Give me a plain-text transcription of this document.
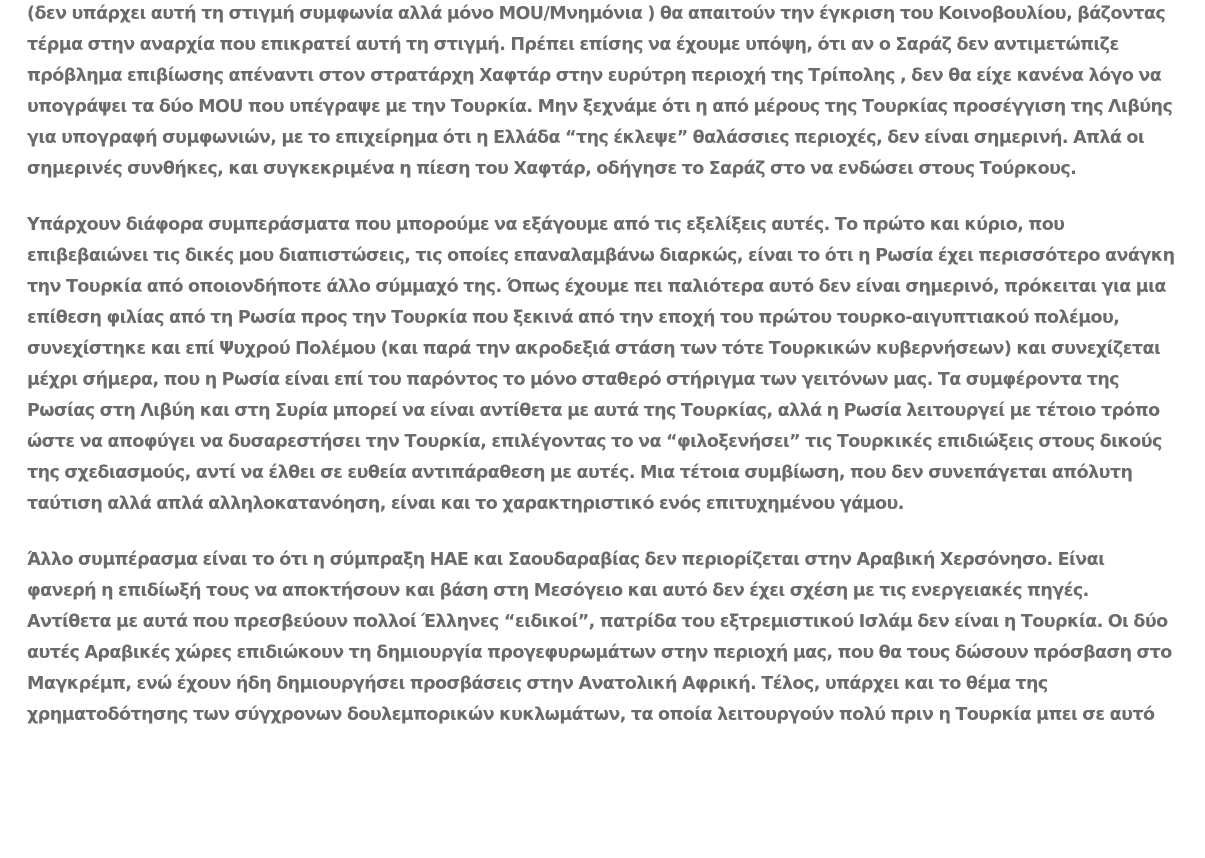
(δεν υπάρχει αυτή τη στιγμή συμφωνία αλλά μόνο MOU/Μνημόνια ) θα απαιτούν την έγκριση του Κοινοβουλίου, βάζοντας τέρμα στην αναρχία που επικρατεί αυτή τη στιγμή. Πρέπει επίσης να έχουμε υπόψη, ότι αν ο Σαράζ δεν αντιμετώπιζε πρόβλημα επιβίωσης απέναντι στον στρατάρχη Χαφτάρ στην ευρύτρη περιοχή της Τρίπολης , δεν θα είχε κανένα λόγο να υπογράψει τα δύο MOU που υπέγραψε με την Τουρκία. Μην ξεχνάμε ότι η από μέρους της Τουρκίας προσέγγιση της Λιβύης για υπογραφή συμφωνιών, με το επιχείρημα ότι η Ελλάδα “της έκλεψε” θαλάσσιες περιοχές, δεν είναι σημερινή. Απλά οι σημερινές συνθήκες, και συγκεκριμένα η πίεση του Χαφτάρ, οδήγησε το Σαράζ στο να ενδώσει στους Τούρκους.

Υπάρχουν διάφορα συμπεράσματα που μπορούμε να εξάγουμε από τις εξελίξεις αυτές. Το πρώτο και κύριο, που επιβεβαιώνει τις δικές μου διαπιστώσεις, τις οποίες επαναλαμβάνω διαρκώς, είναι το ότι η Ρωσία έχει περισσότερο ανάγκη την Τουρκία από οποιονδήποτε άλλο σύμμαχό της. Όπως έχουμε πει παλιότερα αυτό δεν είναι σημερινό, πρόκειται για μια επίθεση φιλίας από τη Ρωσία προς την Τουρκία που ξεκινά από την εποχή του πρώτου τουρκο-αιγυπτιακού πολέμου, συνεχίστηκε και επί Ψυχρού Πολέμου (και παρά την ακροδεξιά στάση των τότε Τουρκικών κυβερνήσεων) και συνεχίζεται μέχρι σήμερα, που η Ρωσία είναι επί του παρόντος το μόνο σταθερό στήριγμα των γειτόνων μας. Τα συμφέροντα της Ρωσίας στη Λιβύη και στη Συρία μπορεί να είναι αντίθετα με αυτά της Τουρκίας, αλλά η Ρωσία λειτουργεί με τέτοιο τρόπο ώστε να αποφύγει να δυσαρεστήσει την Τουρκία, επιλέγοντας το να “φιλοξενήσει” τις Τουρκικές επιδιώξεις στους δικούς της σχεδιασμούς, αντί να έλθει σε ευθεία αντιπάραθεση με αυτές. Μια τέτοια συμβίωση, που δεν συνεπάγεται απόλυτη ταύτιση αλλά απλά αλληλοκατανόηση, είναι και το χαρακτηριστικό ενός επιτυχημένου γάμου.

Άλλο συμπέρασμα είναι το ότι η σύμπραξη ΗΑΕ και Σαουδαραβίας δεν περιορίζεται στην Αραβική Χερσόνησο. Είναι φανερή η επιδίωξή τους να αποκτήσουν και βάση στη Μεσόγειο και αυτό δεν έχει σχέση με τις ενεργειακές πηγές. Αντίθετα με αυτά που πρεσβεύουν πολλοί Έλληνες “ειδικοί”, πατρίδα του εξτρεμιστικού Ισλάμ δεν είναι η Τουρκία. Οι δύο αυτές Αραβικές χώρες επιδιώκουν τη δημιουργία προγεφυρωμάτων στην περιοχή μας, που θα τους δώσουν πρόσβαση στο Μαγκρέμπ, ενώ έχουν ήδη δημιουργήσει προσβάσεις στην Ανατολική Αφρική. Τέλος, υπάρχει και το θέμα της χρηματοδότησης των σύγχρονων δουλεμπορικών κυκλωμάτων, τα οποία λειτουργούν πολύ πριν η Τουρκία μπει σε αυτό
